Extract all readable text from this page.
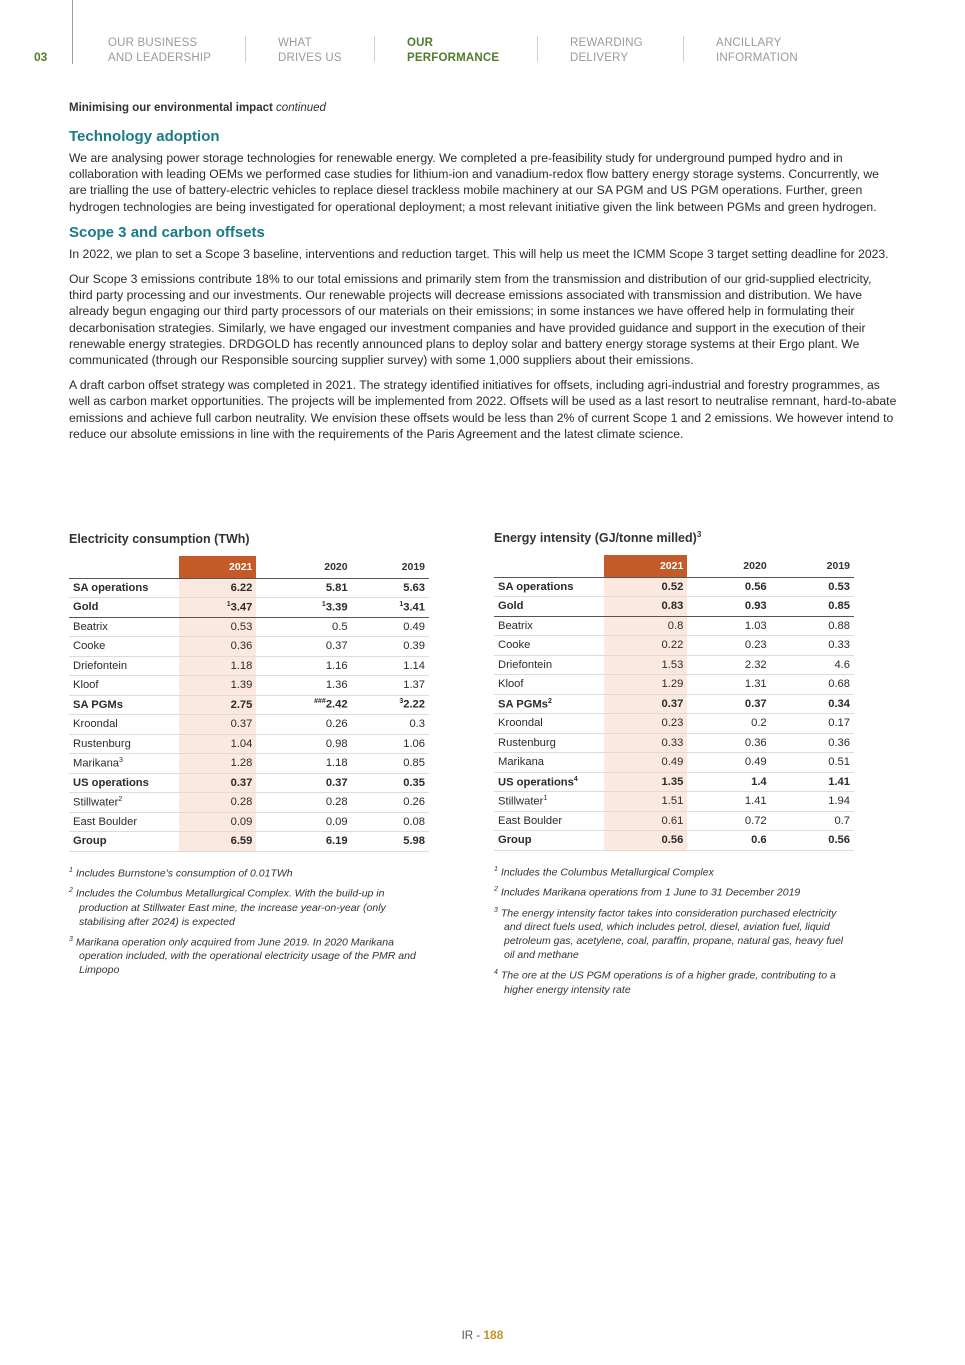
03
OUR BUSINESS
AND LEADERSHIP
WHAT
DRIVES US
OUR
PERFORMANCE
REWARDING
DELIVERY
ANCILLARY
INFORMATION
Minimising our environmental impact continued
Technology adoption

We are analysing power storage technologies for renewable energy. We completed a pre-feasibility study for underground pumped hydro and in collaboration with leading OEMs we performed case studies for lithium-ion and vanadium-redox flow battery energy storage systems. Concurrently, we are trialling the use of battery-electric vehicles to replace diesel trackless mobile machinery at our SA PGM and US PGM operations. Further, green hydrogen technologies are being investigated for operational deployment; a most relevant initiative given the link between PGMs and green hydrogen.

Scope 3 and carbon offsets

In 2022, we plan to set a Scope 3 baseline, interventions and reduction target. This will help us meet the ICMM Scope 3 target setting deadline for 2023.

Our Scope 3 emissions contribute 18% to our total emissions and primarily stem from the transmission and distribution of our grid-supplied electricity, third party processing and our investments. Our renewable projects will decrease emissions associated with transmission and distribution. We have already begun engaging our third party processors of our materials on their emissions; in some instances we have offered help in formulating their decarbonisation strategies. Similarly, we have engaged our investment companies and have provided guidance and support in the execution of their renewable energy strategies. DRDGOLD has recently announced plans to deploy solar and battery energy storage systems at their Ergo plant. We communicated (through our Responsible sourcing supplier survey) with some 1,000 suppliers about their emissions.

A draft carbon offset strategy was completed in 2021. The strategy identified initiatives for offsets, including agri-industrial and forestry programmes, as well as carbon market opportunities. The projects will be implemented from 2022. Offsets will be used as a last resort to neutralise remnant, hard-to-abate emissions and achieve full carbon neutrality. We envision these offsets would be less than 2% of current Scope 1 and 2 emissions. We however intend to reduce our absolute emissions in line with the requirements of the Paris Agreement and the latest climate science.

Electricity consumption (TWh)
	2021	2020	2019
SA operations	6.22	5.81	5.63
Gold	$^1$3.47	$^1$3.39	$^1$3.41
Beatrix	0.53	0.5	0.49
Cooke	0.36	0.37	0.39
Driefontein	1.18	1.16	1.14
Kloof	1.39	1.36	1.37
SA PGMs	2.75	###2.42	$^3$2.22
Kroondal	0.37	0.26	0.3
Rustenburg	1.04	0.98	1.06
Marikana$^3$	1.28	1.18	0.85
US operations	0.37	0.37	0.35
Stillwater$^2$	0.28	0.28	0.26
East Boulder	0.09	0.09	0.08
Group	6.59	6.19	5.98
$^1$ Includes Burnstone's consumption of 0.01TWh
$^2$ Includes the Columbus Metallurgical Complex. With the build-up in production at Stillwater East mine, the increase year-on-year (only stabilising after 2024) is expected
$^3$ Marikana operation only acquired from June 2019. In 2020 Marikana operation included, with the operational electricity usage of the PMR and Limpopo
Energy intensity (GJ/tonne milled)$^3$
	2021	2020	2019
SA operations	0.52	0.56	0.53
Gold	0.83	0.93	0.85
Beatrix	0.8	1.03	0.88
Cooke	0.22	0.23	0.33
Driefontein	1.53	2.32	4.6
Kloof	1.29	1.31	0.68
SA PGMs$^2$	0.37	0.37	0.34
Kroondal	0.23	0.2	0.17
Rustenburg	0.33	0.36	0.36
Marikana	0.49	0.49	0.51
US operations$^4$	1.35	1.4	1.41
Stillwater$^1$	1.51	1.41	1.94
East Boulder	0.61	0.72	0.7
Group	0.56	0.6	0.56
$^1$ Includes the Columbus Metallurgical Complex
$^2$ Includes Marikana operations from 1 June to 31 December 2019
$^3$ The energy intensity factor takes into consideration purchased electricity and direct fuels used, which includes petrol, diesel, aviation fuel, liquid petroleum gas, acetylene, coal, paraffin, propane, natural gas, heavy fuel oil and methane
$^4$ The ore at the US PGM operations is of a higher grade, contributing to a higher energy intensity rate
IR - 188
